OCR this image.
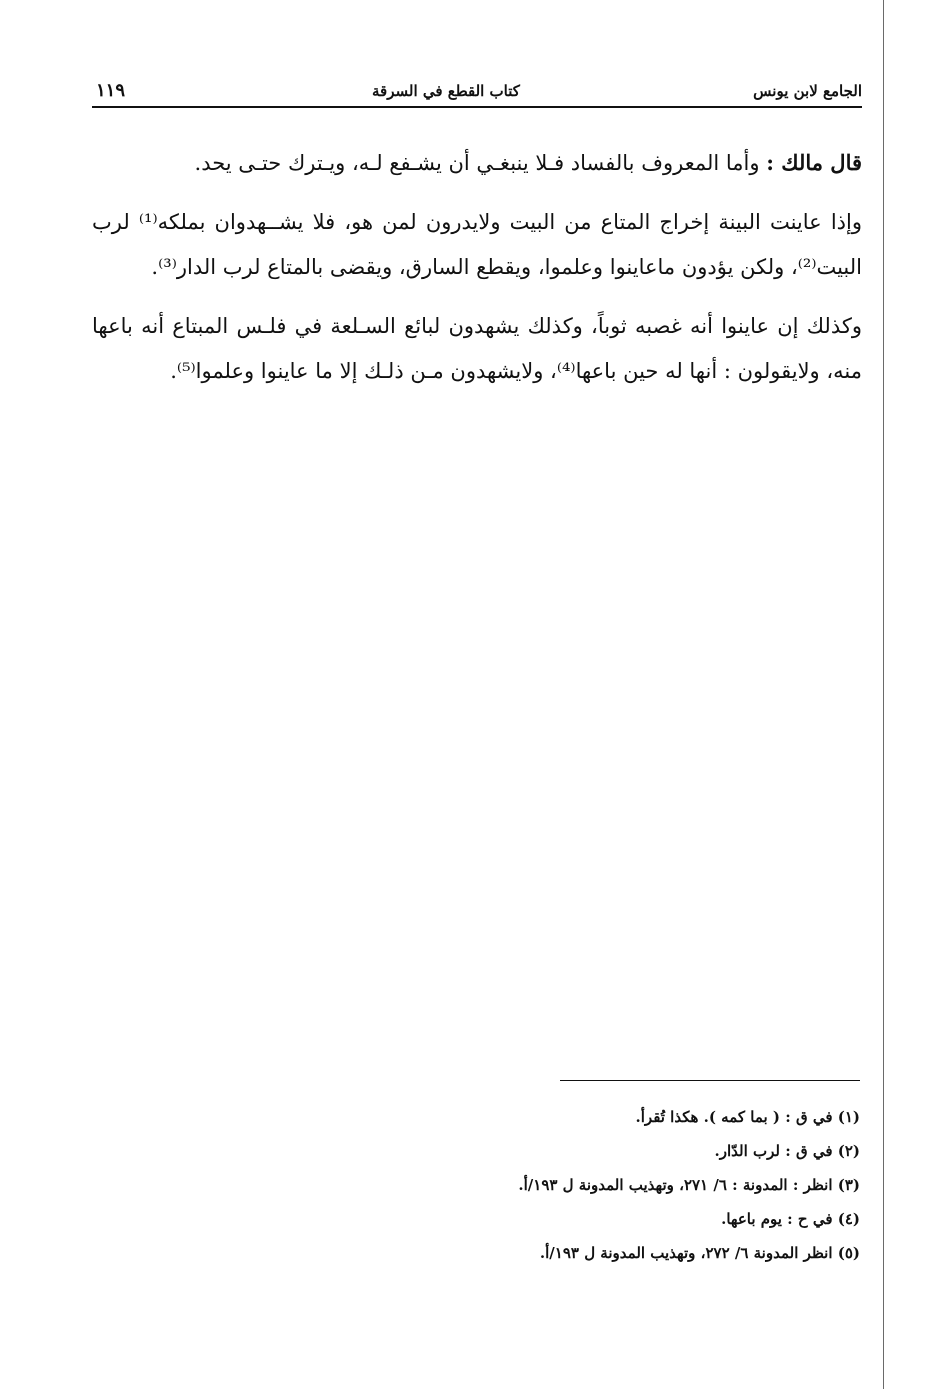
١١٩	كتاب القطع في السرقة	الجامع لابن يونس

قال مالك : وأما المعروف بالفساد فـلا ينبغـي أن يشـفع لـه، ويـترك حتـى يحد.

وإذا عاينت البينة إخراج المتاع من البيت ولايدرون لمن هو، فلا يشــهدوان بملكه⁽¹⁾ لرب البيت⁽²⁾، ولكن يؤدون ماعاينوا وعلموا، ويقطع السارق، ويقضى بالمتاع لرب الدار⁽³⁾.

وكذلك إن عاينوا أنه غصبه ثوباً، وكذلك يشهدون لبائع السـلعة في فلـس المبتاع أنه باعها منه، ولايقولون : أنها له حين باعها⁽⁴⁾، ولايشهدون مـن ذلـك إلا ما عاينوا وعلموا⁽⁵⁾.

(١) في ق : ( بما كمه ). هكذا تُقرأ.
(٢) في ق : لرب الدّار.
(٣) انظر : المدونة : ٦/ ٢٧١، وتهذيب المدونة ل ١٩٣/أ.
(٤) في ح : يوم باعها.
(٥) انظر المدونة ٦/ ٢٧٢، وتهذيب المدونة ل ١٩٣/أ.
